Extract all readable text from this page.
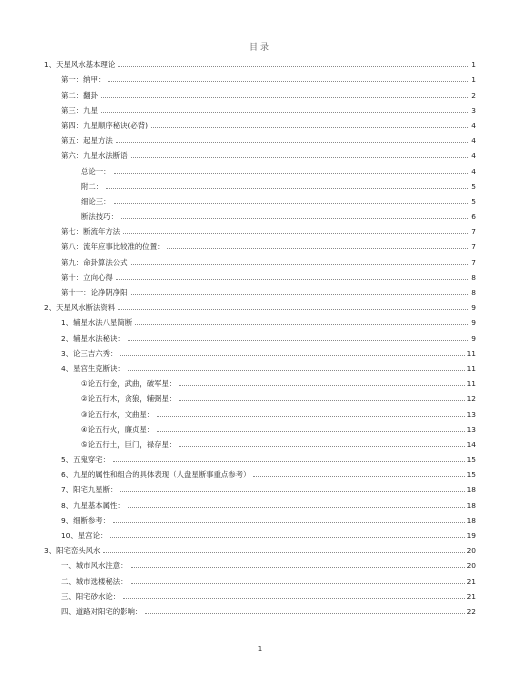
目录
1、天星风水基本理论	1
第一：纳甲：	1
第二：翻卦	2
第三：九星	3
第四：九星顺序秘诀(必背)	4
第五：起星方法	4
第六：九星水法断语	4
总论一：	4
附二：	5
细论三：	5
断法技巧：	6
第七：断流年方法	7
第八：流年应事比较准的位置：	7
第九：命卦算法公式	7
第十：立向心得	8
第十一：论净阴净阳	8
2、天星风水断法资料	9
1、辅星水法八星简断	9
2、辅星水法秘诀：	9
3、论三吉六秀：	11
4、星宫生克断诀：	11
①论五行金，武曲，破军星：	11
②论五行木，贪狼，辅弼星：	12
③论五行水，文曲星：	13
④论五行火，廉贞星：	13
⑤论五行土，巨门，禄存星：	14
5、五鬼穿宅：	15
6、九星的属性和组合的具体表现（人盘星断事重点参考）	15
7、阳宅九星断：	18
8、九星基本属性：	18
9、细断参考：	18
10、星宫论：	19
3、阳宅峦头风水	20
一、城市风水注意：	20
二、城市选楼秘法：	21
三、阳宅砂水论：	21
四、道路对阳宅的影响：	22
1
